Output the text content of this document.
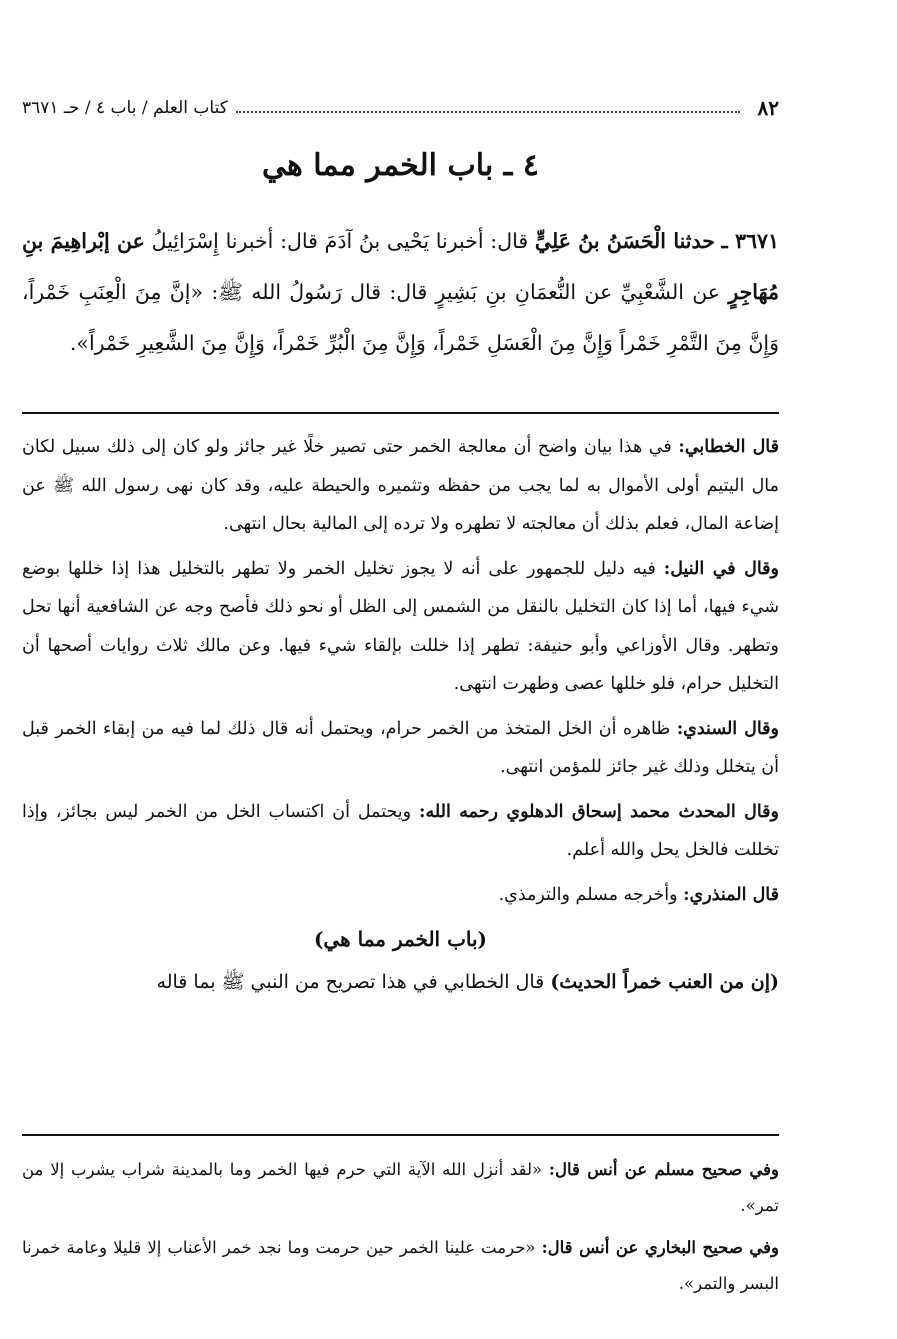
٨٢
كتاب العلم / باب ٤ / حـ ٣٦٧١
٤ ـ باب الخمر مما هي
٣٦٧١ ـ حدثنا الْحَسَنُ بنُ عَلِيٍّ قال: أخبرنا يَحْيى بنُ آدَمَ قال: أخبرنا إِسْرَائِيلُ عن إبْراهِيمَ بنِ مُهَاجِرٍ عن الشَّعْبِيِّ عن النُّعمَانِ بنِ بَشِيرٍ قال: قال رَسُولُ الله ﷺ: «إنَّ مِنَ الْعِنَبِ خَمْراً، وَإِنَّ مِنَ التَّمْرِ خَمْراً وَإِنَّ مِنَ الْعَسَلِ خَمْراً، وَإِنَّ مِنَ الْبُرِّ خَمْراً، وَإِنَّ مِنَ الشَّعِيرِ خَمْراً».

قال الخطابي: في هذا بيان واضح أن معالجة الخمر حتى تصير خلًا غير جائز ولو كان إلى ذلك سبيل لكان مال اليتيم أولى الأموال به لما يجب من حفظه وتثميره والحيطة عليه، وقد كان نهى رسول الله ﷺ عن إضاعة المال، فعلم بذلك أن معالجته لا تطهره ولا ترده إلى المالية بحال انتهى.

وقال في النيل: فيه دليل للجمهور على أنه لا يجوز تخليل الخمر ولا تطهر بالتخليل هذا إذا خللها بوضع شيء فيها، أما إذا كان التخليل بالنقل من الشمس إلى الظل أو نحو ذلك فأصح وجه عن الشافعية أنها تحل وتطهر. وقال الأوزاعي وأبو حنيفة: تطهر إذا خللت بإلقاء شيء فيها. وعن مالك ثلاث روايات أصحها أن التخليل حرام، فلو خللها عصى وطهرت انتهى.

وقال السندي: ظاهره أن الخل المتخذ من الخمر حرام، ويحتمل أنه قال ذلك لما فيه من إبقاء الخمر قبل أن يتخلل وذلك غير جائز للمؤمن انتهى.

وقال المحدث محمد إسحاق الدهلوي رحمه الله: ويحتمل أن اكتساب الخل من الخمر ليس بجائز، وإذا تخللت فالخل يحل والله أعلم.

قال المنذري: وأخرجه مسلم والترمذي.

(باب الخمر مما هي)
(إن من العنب خمراً الحديث) قال الخطابي في هذا تصريح من النبي ﷺ بما قاله

وفي صحيح مسلم عن أنس قال: «لقد أنزل الله الآية التي حرم فيها الخمر وما بالمدينة شراب يشرب إلا من تمر».

وفي صحيح البخاري عن أنس قال: «حرمت علينا الخمر حين حرمت وما نجد خمر الأعناب إلا قليلا وعامة خمرنا البسر والتمر».
